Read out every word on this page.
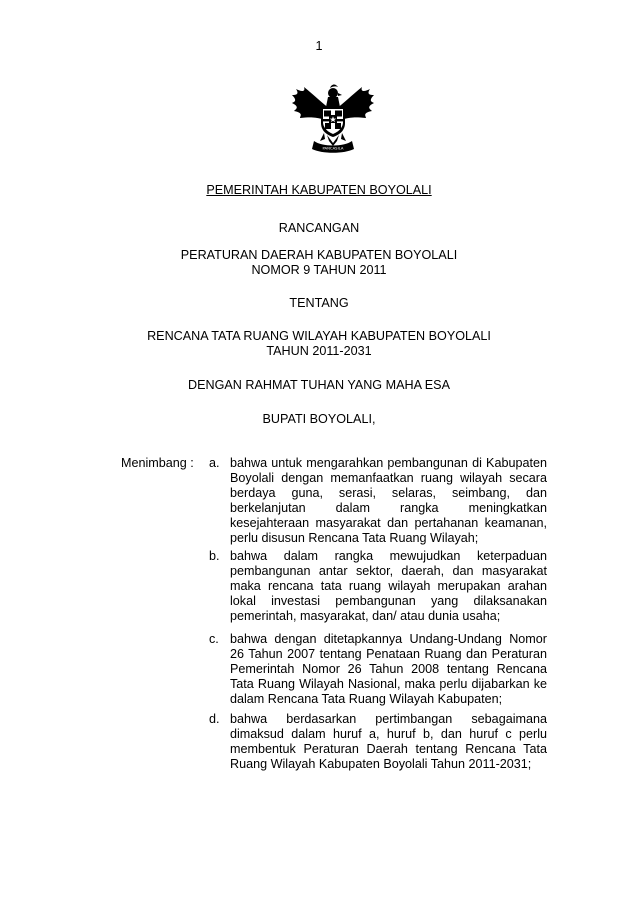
1
PANCASILA
PEMERINTAH KABUPATEN BOYOLALI
RANCANGAN
PERATURAN DAERAH KABUPATEN BOYOLALI
NOMOR 9 TAHUN 2011
TENTANG
RENCANA TATA RUANG WILAYAH KABUPATEN BOYOLALI
TAHUN 2011-2031
DENGAN RAHMAT TUHAN YANG MAHA ESA
BUPATI BOYOLALI,
Menimbang :	a. bahwa untuk mengarahkan pembangunan di Kabupaten Boyolali dengan memanfaatkan ruang wilayah secara berdaya guna, serasi, selaras, seimbang, dan berkelanjutan dalam rangka meningkatkan kesejahteraan masyarakat dan pertahanan keamanan, perlu disusun Rencana Tata Ruang Wilayah;
b. bahwa dalam rangka mewujudkan keterpaduan pembangunan antar sektor, daerah, dan masyarakat maka rencana tata ruang wilayah merupakan arahan lokal investasi pembangunan yang dilaksanakan pemerintah, masyarakat, dan/ atau dunia usaha;
c. bahwa dengan ditetapkannya Undang-Undang Nomor 26 Tahun 2007 tentang Penataan Ruang dan Peraturan Pemerintah Nomor 26 Tahun 2008 tentang Rencana Tata Ruang Wilayah Nasional, maka perlu dijabarkan ke dalam Rencana Tata Ruang Wilayah Kabupaten;
d. bahwa berdasarkan pertimbangan sebagaimana dimaksud dalam huruf a, huruf b, dan huruf c perlu membentuk Peraturan Daerah tentang Rencana Tata Ruang Wilayah Kabupaten Boyolali Tahun 2011-2031;
